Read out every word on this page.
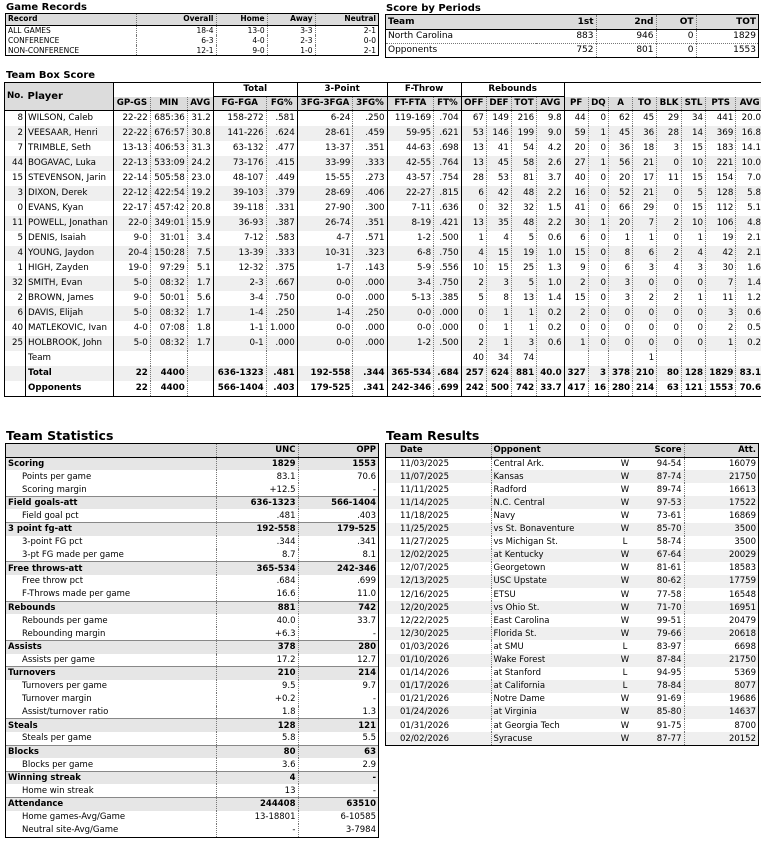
Game Records
Record	Overall	Home	Away	Neutral
ALL GAMES	18-4	13-0	3-3	2-1
CONFERENCE	6-3	4-0	2-3	0-0
NON-CONFERENCE	12-1	9-0	1-0	2-1
Score by Periods
Team	1st	2nd	OT	TOT
North Carolina	883	946	0	1829
Opponents	752	801	0	1553
Team Box Score
No.	Player				Total		3-Point		F-Throw		Rebounds											
		GP-GS	MIN	AVG	FG-FGA	FG%	3FG-3FGA	3FG%	FT-FTA	FT%	OFF	DEF	TOT	AVG	PF	DQ	A	TO	BLK	STL	PTS	AVG
8	WILSON, Caleb	22-22	685:36	31.2	158-272	.581	6-24	.250	119-169	.704	67	149	216	9.8	44	0	62	45	29	34	441	20.0
2	VEESAAR, Henri	22-22	676:57	30.8	141-226	.624	28-61	.459	59-95	.621	53	146	199	9.0	59	1	45	36	28	14	369	16.8
7	TRIMBLE, Seth	13-13	406:53	31.3	63-132	.477	13-37	.351	44-63	.698	13	41	54	4.2	20	0	36	18	3	15	183	14.1
44	BOGAVAC, Luka	22-13	533:09	24.2	73-176	.415	33-99	.333	42-55	.764	13	45	58	2.6	27	1	56	21	0	10	221	10.0
15	STEVENSON, Jarin	22-14	505:58	23.0	48-107	.449	15-55	.273	43-57	.754	28	53	81	3.7	40	0	20	17	11	15	154	7.0
3	DIXON, Derek	22-12	422:54	19.2	39-103	.379	28-69	.406	22-27	.815	6	42	48	2.2	16	0	52	21	0	5	128	5.8
0	EVANS, Kyan	22-17	457:42	20.8	39-118	.331	27-90	.300	7-11	.636	0	32	32	1.5	41	0	66	29	0	15	112	5.1
11	POWELL, Jonathan	22-0	349:01	15.9	36-93	.387	26-74	.351	8-19	.421	13	35	48	2.2	30	1	20	7	2	10	106	4.8
5	DENIS, Isaiah	9-0	31:01	3.4	7-12	.583	4-7	.571	1-2	.500	1	4	5	0.6	6	0	1	1	0	1	19	2.1
4	YOUNG, Jaydon	20-4	150:28	7.5	13-39	.333	10-31	.323	6-8	.750	4	15	19	1.0	15	0	8	6	2	4	42	2.1
1	HIGH, Zayden	19-0	97:29	5.1	12-32	.375	1-7	.143	5-9	.556	10	15	25	1.3	9	0	6	3	4	3	30	1.6
32	SMITH, Evan	5-0	08:32	1.7	2-3	.667	0-0	.000	3-4	.750	2	3	5	1.0	2	0	3	0	0	0	7	1.4
2	BROWN, James	9-0	50:01	5.6	3-4	.750	0-0	.000	5-13	.385	5	8	13	1.4	15	0	3	2	2	1	11	1.2
6	DAVIS, Elijah	5-0	08:32	1.7	1-4	.250	1-4	.250	0-0	.000	0	1	1	0.2	2	0	0	0	0	0	3	0.6
40	MATLEKOVIC, Ivan	4-0	07:08	1.8	1-1	1.000	0-0	.000	0-0	.000	0	1	1	0.2	0	0	0	0	0	0	2	0.5
25	HOLBROOK, John	5-0	08:32	1.7	0-1	.000	0-0	.000	1-2	.500	2	1	3	0.6	1	0	0	0	0	0	1	0.2
	Team										40	34	74					1				
	Total	22	4400		636-1323	.481	192-558	.344	365-534	.684	257	624	881	40.0	327	3	378	210	80	128	1829	83.1
	Opponents	22	4400		566-1404	.403	179-525	.341	242-346	.699	242	500	742	33.7	417	16	280	214	63	121	1553	70.6
Team Statistics
	UNC	OPP
Scoring	1829	1553
Points per game	83.1	70.6
Scoring margin	+12.5	-
Field goals-att	636-1323	566-1404
Field goal pct	.481	.403
3 point fg-att	192-558	179-525
3-point FG pct	.344	.341
3-pt FG made per game	8.7	8.1
Free throws-att	365-534	242-346
Free throw pct	.684	.699
F-Throws made per game	16.6	11.0
Rebounds	881	742
Rebounds per game	40.0	33.7
Rebounding margin	+6.3	-
Assists	378	280
Assists per game	17.2	12.7
Turnovers	210	214
Turnovers per game	9.5	9.7
Turnover margin	+0.2	-
Assist/turnover ratio	1.8	1.3
Steals	128	121
Steals per game	5.8	5.5
Blocks	80	63
Blocks per game	3.6	2.9
Winning streak	4	-
Home win streak	13	-
Attendance	244408	63510
Home games-Avg/Game	13-18801	6-10585
Neutral site-Avg/Game	-	3-7984
Team Results
Date	Opponent		Score	Att.
11/03/2025	Central Ark.	W	94-54	16079
11/07/2025	Kansas	W	87-74	21750
11/11/2025	Radford	W	89-74	16613
11/14/2025	N.C. Central	W	97-53	17522
11/18/2025	Navy	W	73-61	16869
11/25/2025	vs St. Bonaventure	W	85-70	3500
11/27/2025	vs Michigan St.	L	58-74	3500
12/02/2025	at Kentucky	W	67-64	20029
12/07/2025	Georgetown	W	81-61	18583
12/13/2025	USC Upstate	W	80-62	17759
12/16/2025	ETSU	W	77-58	16548
12/20/2025	vs Ohio St.	W	71-70	16951
12/22/2025	East Carolina	W	99-51	20479
12/30/2025	Florida St.	W	79-66	20618
01/03/2026	at SMU	L	83-97	6698
01/10/2026	Wake Forest	W	87-84	21750
01/14/2026	at Stanford	L	94-95	5369
01/17/2026	at California	L	78-84	8077
01/21/2026	Notre Dame	W	91-69	19686
01/24/2026	at Virginia	W	85-80	14637
01/31/2026	at Georgia Tech	W	91-75	8700
02/02/2026	Syracuse	W	87-77	20152
